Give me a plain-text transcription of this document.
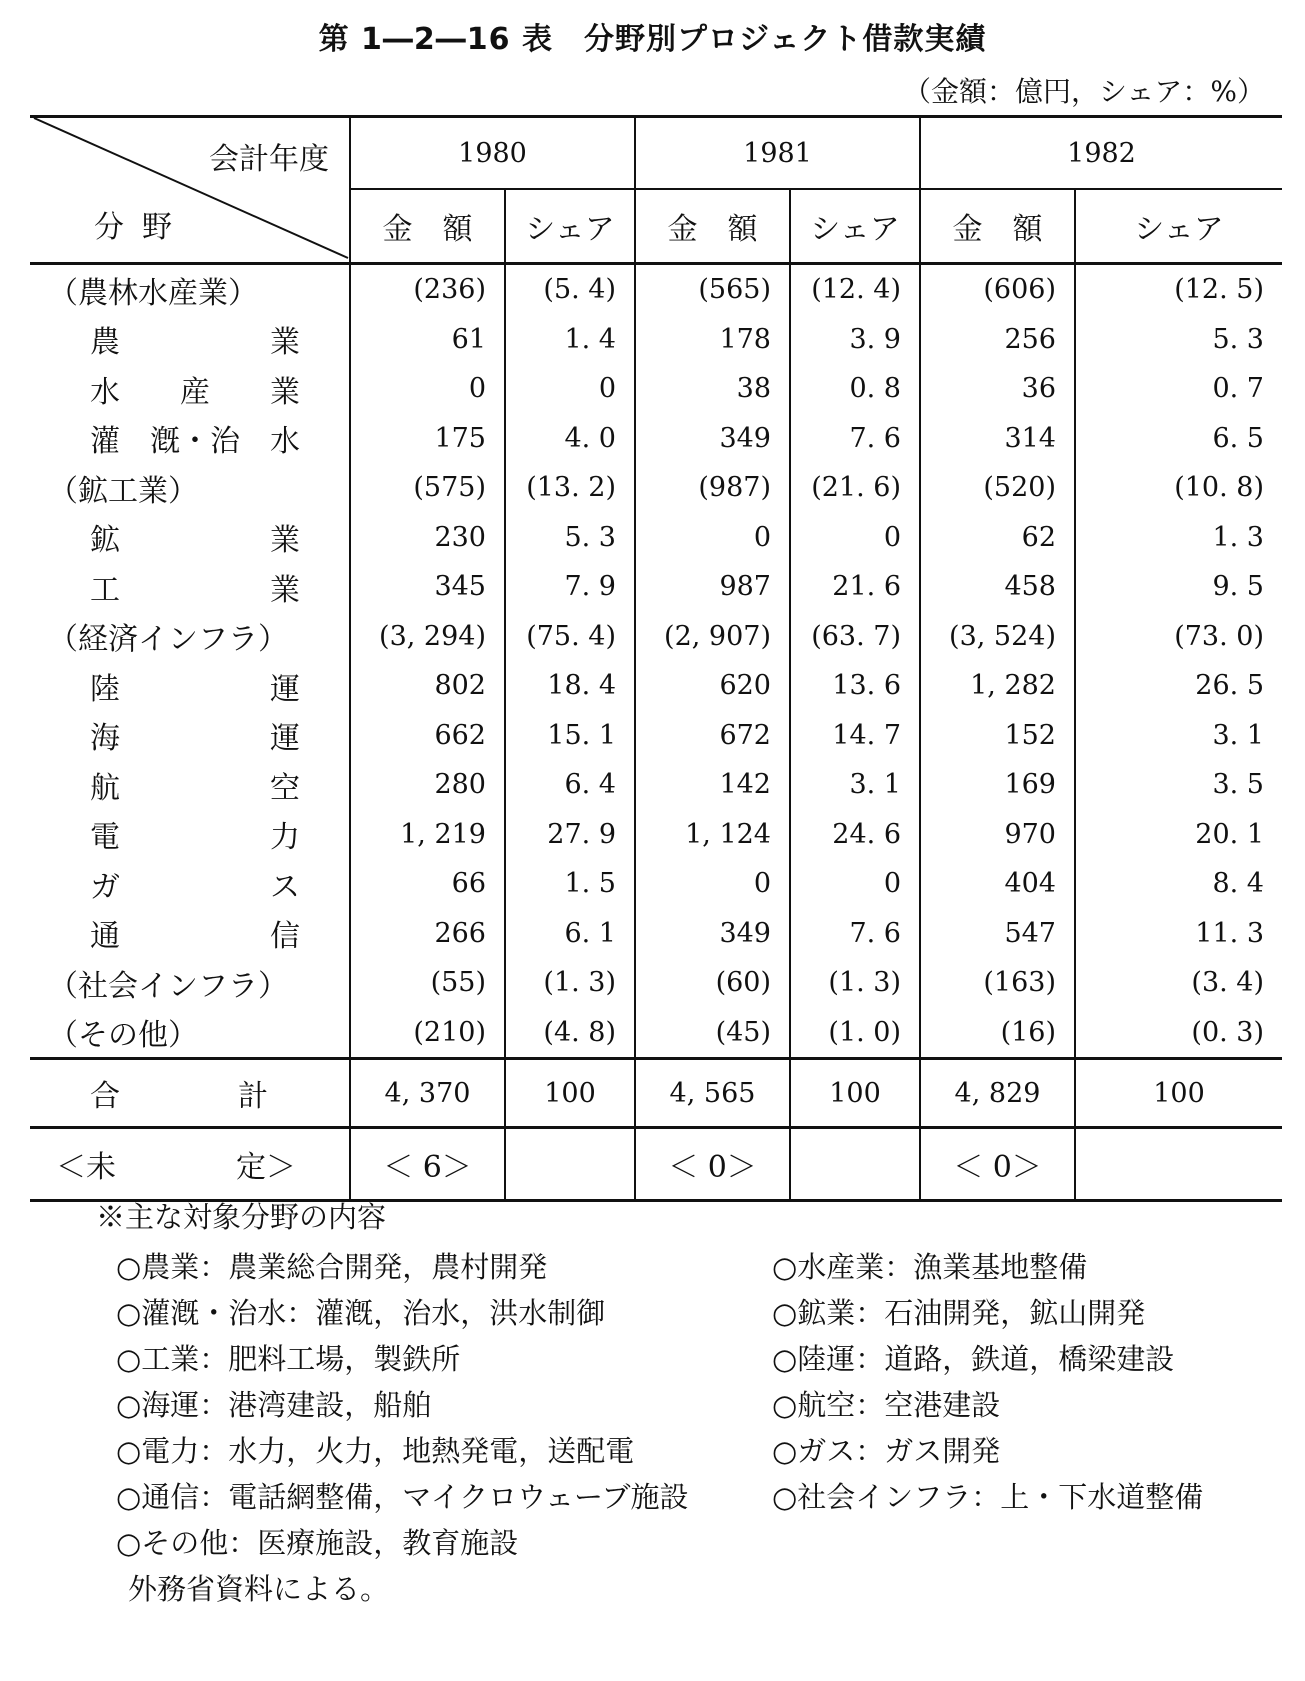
第 1―2―16 表　分野別プロジェクト借款実績
（金額：億円，シェア：%）
会計年度
分野	1980		1981		1982	
	金　額	シェア	金　額	シェア	金　額	シェア
（農林水産業）	(236)	(5. 4)	(565)	(12. 4)	(606)	(12. 5)

農 業	61	1. 4	178	3. 9	256	5. 3

水 産 業	0	0	38	0. 8	36	0. 7

灌 漑・治 水	175	4. 0	349	7. 6	314	6. 5
（鉱工業）	(575)	(13. 2)	(987)	(21. 6)	(520)	(10. 8)

鉱 業	230	5. 3	0	0	62	1. 3

工 業	345	7. 9	987	21. 6	458	9. 5
（経済インフラ）	(3, 294)	(75. 4)	(2, 907)	(63. 7)	(3, 524)	(73. 0)

陸 運	802	18. 4	620	13. 6	1, 282	26. 5

海 運	662	15. 1	672	14. 7	152	3. 1

航 空	280	6. 4	142	3. 1	169	3. 5

電 力	1, 219	27. 9	1, 124	24. 6	970	20. 1

ガ ス	66	1. 5	0	0	404	8. 4

通 信	266	6. 1	349	7. 6	547	11. 3
（社会インフラ）	(55)	(1. 3)	(60)	(1. 3)	(163)	(3. 4)
（その他）	(210)	(4. 8)	(45)	(1. 0)	(16)	(0. 3)

合 計	4, 370	100	4, 565	100	4, 829	100

＜未 定＞	＜ 6＞		＜ 0＞		＜ 0＞	
※主な対象分野の内容
○農業：農業総合開発，農村開発	○水産業：漁業基地整備
○灌漑・治水：灌漑，治水，洪水制御	○鉱業：石油開発，鉱山開発
○工業：肥料工場，製鉄所	○陸運：道路，鉄道，橋梁建設
○海運：港湾建設，船舶	○航空：空港建設
○電力：水力，火力，地熱発電，送配電	○ガス：ガス開発
○通信：電話網整備，マイクロウェーブ施設	○社会インフラ：上・下水道整備
○その他：医療施設，教育施設
外務省資料による。
